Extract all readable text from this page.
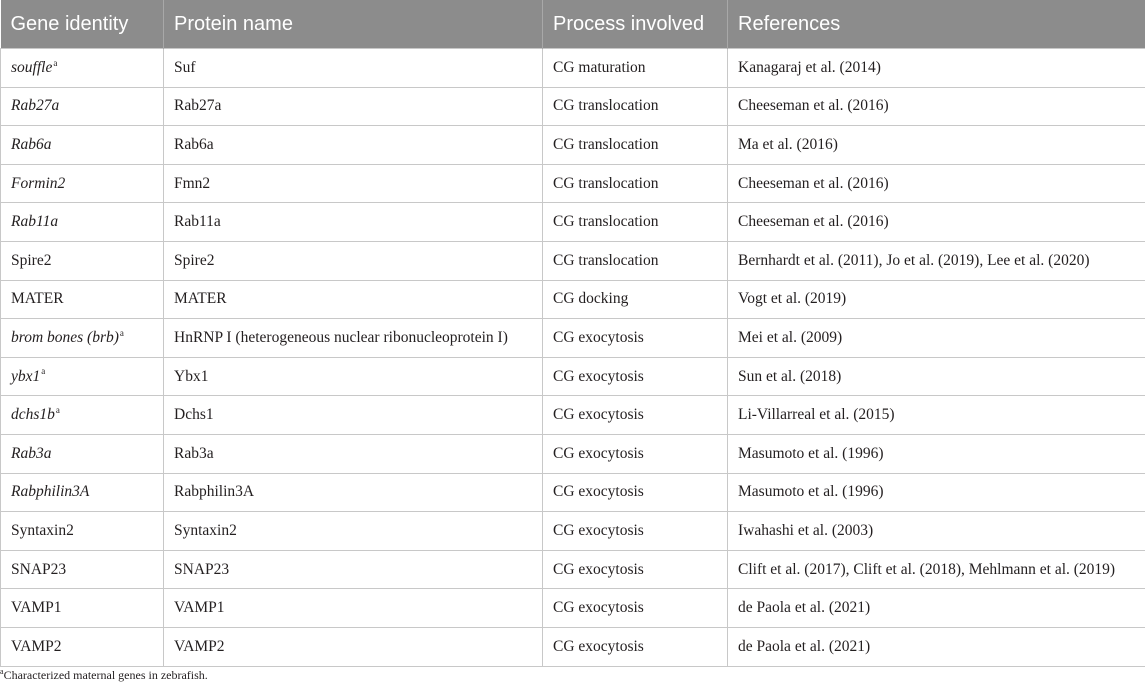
Gene identity	Protein name	Process involved	References
souffle$^a$	Suf	CG maturation	Kanagaraj et al. (2014)
Rab27a	Rab27a	CG translocation	Cheeseman et al. (2016)
Rab6a	Rab6a	CG translocation	Ma et al. (2016)
Formin2	Fmn2	CG translocation	Cheeseman et al. (2016)
Rab11a	Rab11a	CG translocation	Cheeseman et al. (2016)
Spire2	Spire2	CG translocation	Bernhardt et al. (2011), Jo et al. (2019), Lee et al. (2020)
MATER	MATER	CG docking	Vogt et al. (2019)
brom bones (brb)$^a$	HnRNP I (heterogeneous nuclear ribonucleoprotein I)	CG exocytosis	Mei et al. (2009)
ybx1$^a$	Ybx1	CG exocytosis	Sun et al. (2018)
$dchs1b^a$	Dchs1	CG exocytosis	Li-Villarreal et al. (2015)
Rab3a	Rab3a	CG exocytosis	Masumoto et al. (1996)
Rabphilin3A	Rabphilin3A	CG exocytosis	Masumoto et al. (1996)
Syntaxin2	Syntaxin2	CG exocytosis	Iwahashi et al. (2003)
SNAP23	SNAP23	CG exocytosis	Clift et al. (2017), Clift et al. (2018), Mehlmann et al. (2019)
VAMP1	VAMP1	CG exocytosis	de Paola et al. (2021)
VAMP2	VAMP2	CG exocytosis	de Paola et al. (2021)
$^a$Characterized maternal genes in zebrafish.
